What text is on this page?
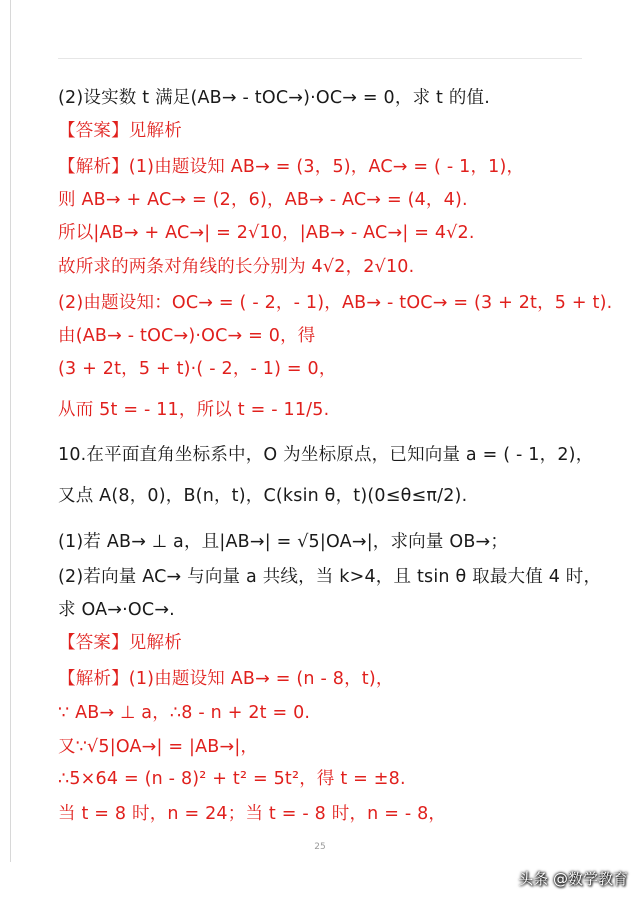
(2)设实数 t 满足(AB→ - tOC→)·OC→ = 0，求 t 的值.
【答案】见解析
【解析】(1)由题设知 AB→ = (3，5)，AC→ = ( - 1，1)，
则 AB→ + AC→ = (2，6)，AB→ - AC→ = (4，4).
所以|AB→ + AC→| = 2√10，|AB→ - AC→| = 4√2.
故所求的两条对角线的长分别为 4√2，2√10.
(2)由题设知：OC→ = ( - 2，- 1)，AB→ - tOC→ = (3 + 2t，5 + t).
由(AB→ - tOC→)·OC→ = 0，得
(3 + 2t，5 + t)·( - 2，- 1) = 0，
从而 5t = - 11，所以 t = - 11/5.
10.在平面直角坐标系中，O 为坐标原点，已知向量 a = ( - 1，2)，
又点 A(8，0)，B(n，t)，C(ksin θ，t)(0≤θ≤π/2).
(1)若 AB→ ⊥ a，且|AB→| = √5|OA→|，求向量 OB→；
(2)若向量 AC→ 与向量 a 共线，当 k>4，且 tsin θ 取最大值 4 时，
求 OA→·OC→.
【答案】见解析
【解析】(1)由题设知 AB→ = (n - 8，t)，
∵ AB→ ⊥ a，∴8 - n + 2t = 0.
又∵√5|OA→| = |AB→|，
∴5×64 = (n - 8)² + t² = 5t²，得 t = ±8.
当 t = 8 时，n = 24；当 t = - 8 时，n = - 8，
25
头条 @数学教育
